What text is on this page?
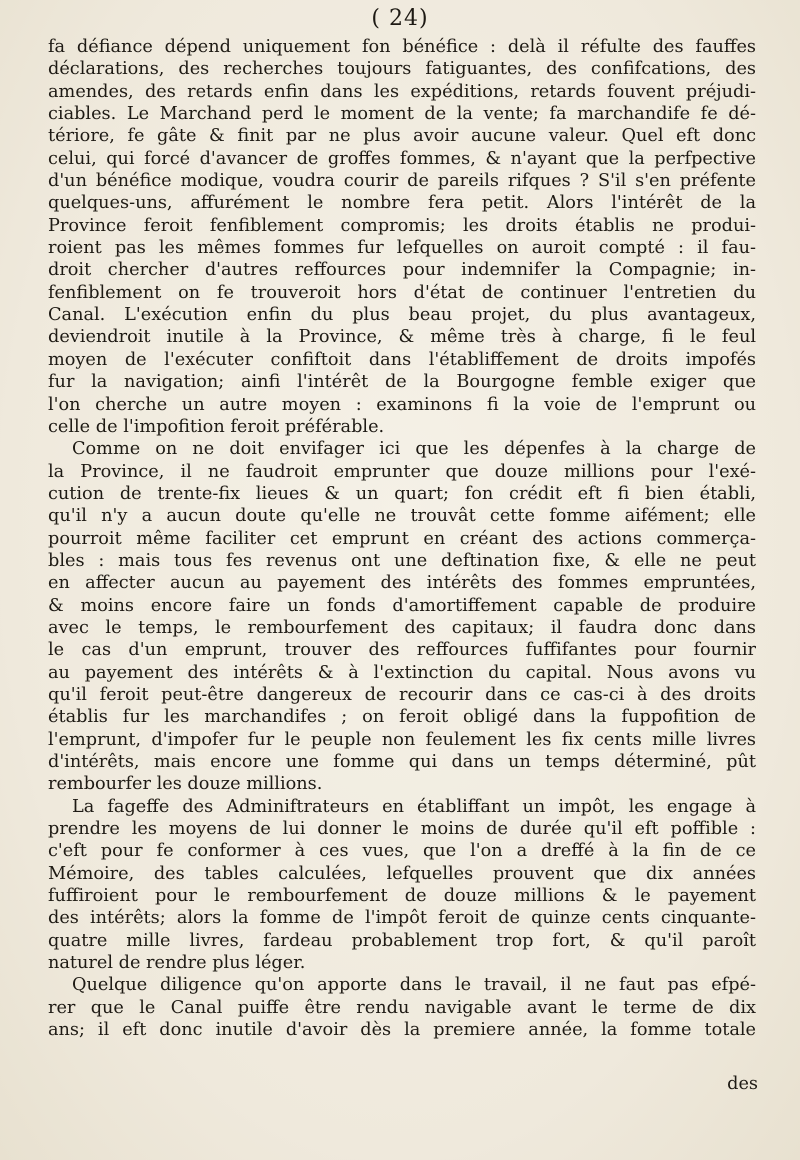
( 24)
fa défiance dépend uniquement fon bénéfice : delà il réfulte des fauffes
déclarations, des recherches toujours fatiguantes, des confifcations, des
amendes, des retards enfin dans les expéditions, retards fouvent préjudi-
ciables. Le Marchand perd le moment de la vente; fa marchandife fe dé-
tériore, fe gâte & finit par ne plus avoir aucune valeur. Quel eft donc
celui, qui forcé d'avancer de groffes fommes, & n'ayant que la perfpective
d'un bénéfice modique, voudra courir de pareils rifques ? S'il s'en préfente
quelques-uns, affurément le nombre fera petit. Alors l'intérêt de la
Province feroit fenfiblement compromis; les droits établis ne produi-
roient pas les mêmes fommes fur lefquelles on auroit compté : il fau-
droit chercher d'autres reffources pour indemnifer la Compagnie; in-
fenfiblement on fe trouveroit hors d'état de continuer l'entretien du
Canal. L'exécution enfin du plus beau projet, du plus avantageux,
deviendroit inutile à la Province, & même très à charge, fi le feul
moyen de l'exécuter confiftoit dans l'établiffement de droits impofés
fur la navigation; ainfi l'intérêt de la Bourgogne femble exiger que
l'on cherche un autre moyen : examinons fi la voie de l'emprunt ou
celle de l'impofition feroit préférable.
Comme on ne doit envifager ici que les dépenfes à la charge de
la Province, il ne faudroit emprunter que douze millions pour l'exé-
cution de trente-fix lieues & un quart; fon crédit eft fi bien établi,
qu'il n'y a aucun doute qu'elle ne trouvât cette fomme aifément; elle
pourroit même faciliter cet emprunt en créant des actions commerça-
bles : mais tous fes revenus ont une deftination fixe, & elle ne peut
en affecter aucun au payement des intérêts des fommes empruntées,
& moins encore faire un fonds d'amortiffement capable de produire
avec le temps, le rembourfement des capitaux; il faudra donc dans
le cas d'un emprunt, trouver des reffources fuffifantes pour fournir
au payement des intérêts & à l'extinction du capital. Nous avons vu
qu'il feroit peut-être dangereux de recourir dans ce cas-ci à des droits
établis fur les marchandifes ; on feroit obligé dans la fuppofition de
l'emprunt, d'impofer fur le peuple non feulement les fix cents mille livres
d'intérêts, mais encore une fomme qui dans un temps déterminé, pût
rembourfer les douze millions.
La fageffe des Adminiftrateurs en établiffant un impôt, les engage à
prendre les moyens de lui donner le moins de durée qu'il eft poffible :
c'eft pour fe conformer à ces vues, que l'on a dreffé à la fin de ce
Mémoire, des tables calculées, lefquelles prouvent que dix années
fuffiroient pour le rembourfement de douze millions & le payement
des intérêts; alors la fomme de l'impôt feroit de quinze cents cinquante-
quatre mille livres, fardeau probablement trop fort, & qu'il paroît
naturel de rendre plus léger.
Quelque diligence qu'on apporte dans le travail, il ne faut pas efpé-
rer que le Canal puiffe être rendu navigable avant le terme de dix
ans; il eft donc inutile d'avoir dès la premiere année, la fomme totale
des
